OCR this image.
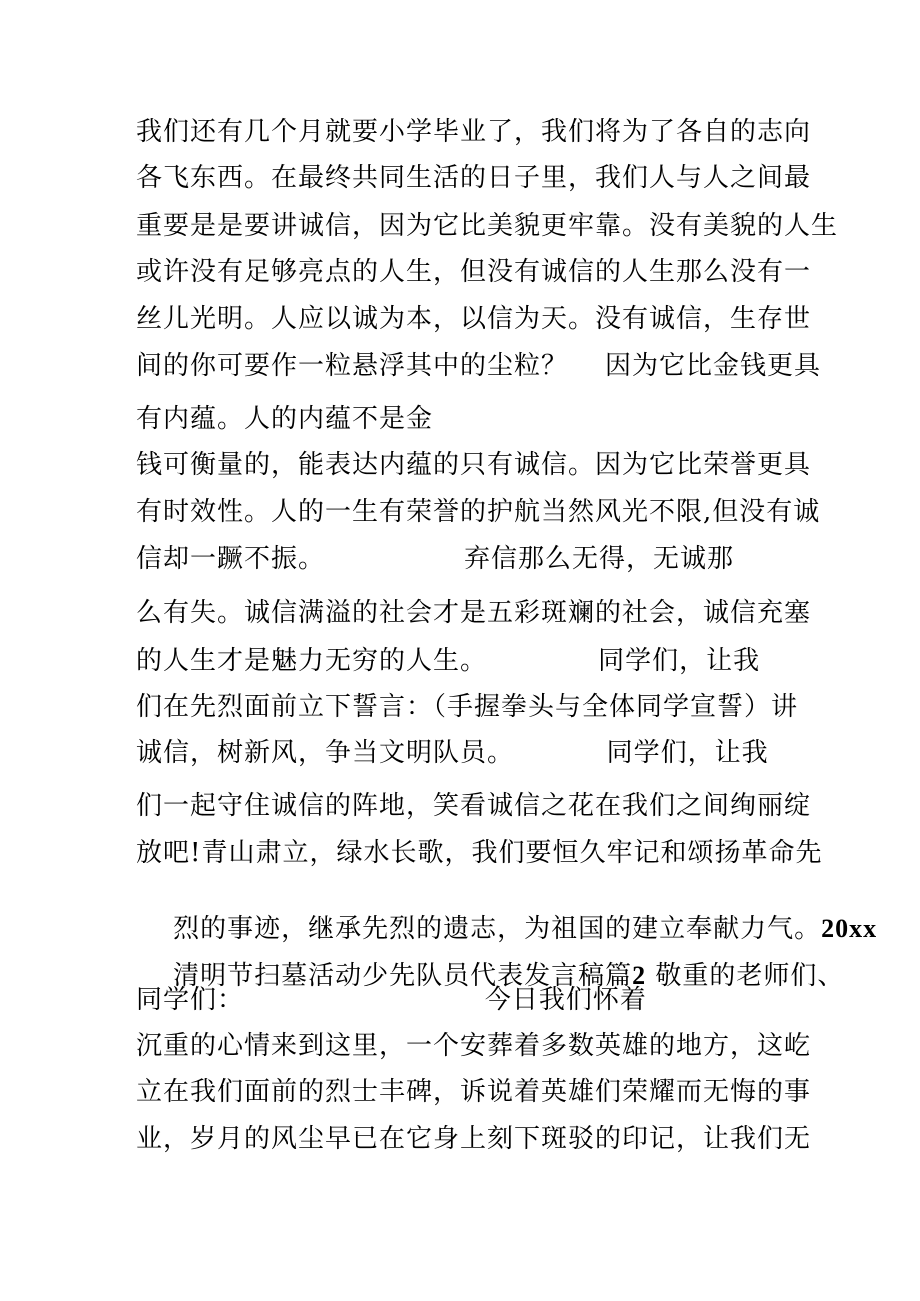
我们还有几个月就要小学毕业了，我们将为了各自的志向
各飞东西。在最终共同生活的日子里，我们人与人之间最
重要是是要讲诚信，因为它比美貌更牢靠。没有美貌的人生
或许没有足够亮点的人生，但没有诚信的人生那么没有一
丝儿光明。人应以诚为本，以信为天。没有诚信，生存世
间的你可要作一粒悬浮其中的尘粒？    因为它比金钱更具
有内蕴。人的内蕴不是金
钱可衡量的，能表达内蕴的只有诚信。因为它比荣誉更具
有时效性。人的一生有荣誉的护航当然风光不限,但没有诚
信却一蹶不振。               弃信那么无得，无诚那
么有失。诚信满溢的社会才是五彩斑斓的社会，诚信充塞
的人生才是魅力无穷的人生。            同学们，让我
们在先烈面前立下誓言：（手握拳头与全体同学宣誓）讲
诚信，树新风，争当文明队员。          同学们，让我
们一起守住诚信的阵地，笑看诚信之花在我们之间绚丽绽
放吧!青山肃立，绿水长歌，我们要恒久牢记和颂扬革命先

烈的事迹，继承先烈的遗志，为祖国的建立奉献力气。20xx

清明节扫墓活动少先队员代表发言稿篇2 敬重的老师们、

同学们：                          今日我们怀着
沉重的心情来到这里，一个安葬着多数英雄的地方，这屹
立在我们面前的烈士丰碑，诉说着英雄们荣耀而无悔的事
业，岁月的风尘早已在它身上刻下斑驳的印记，让我们无
